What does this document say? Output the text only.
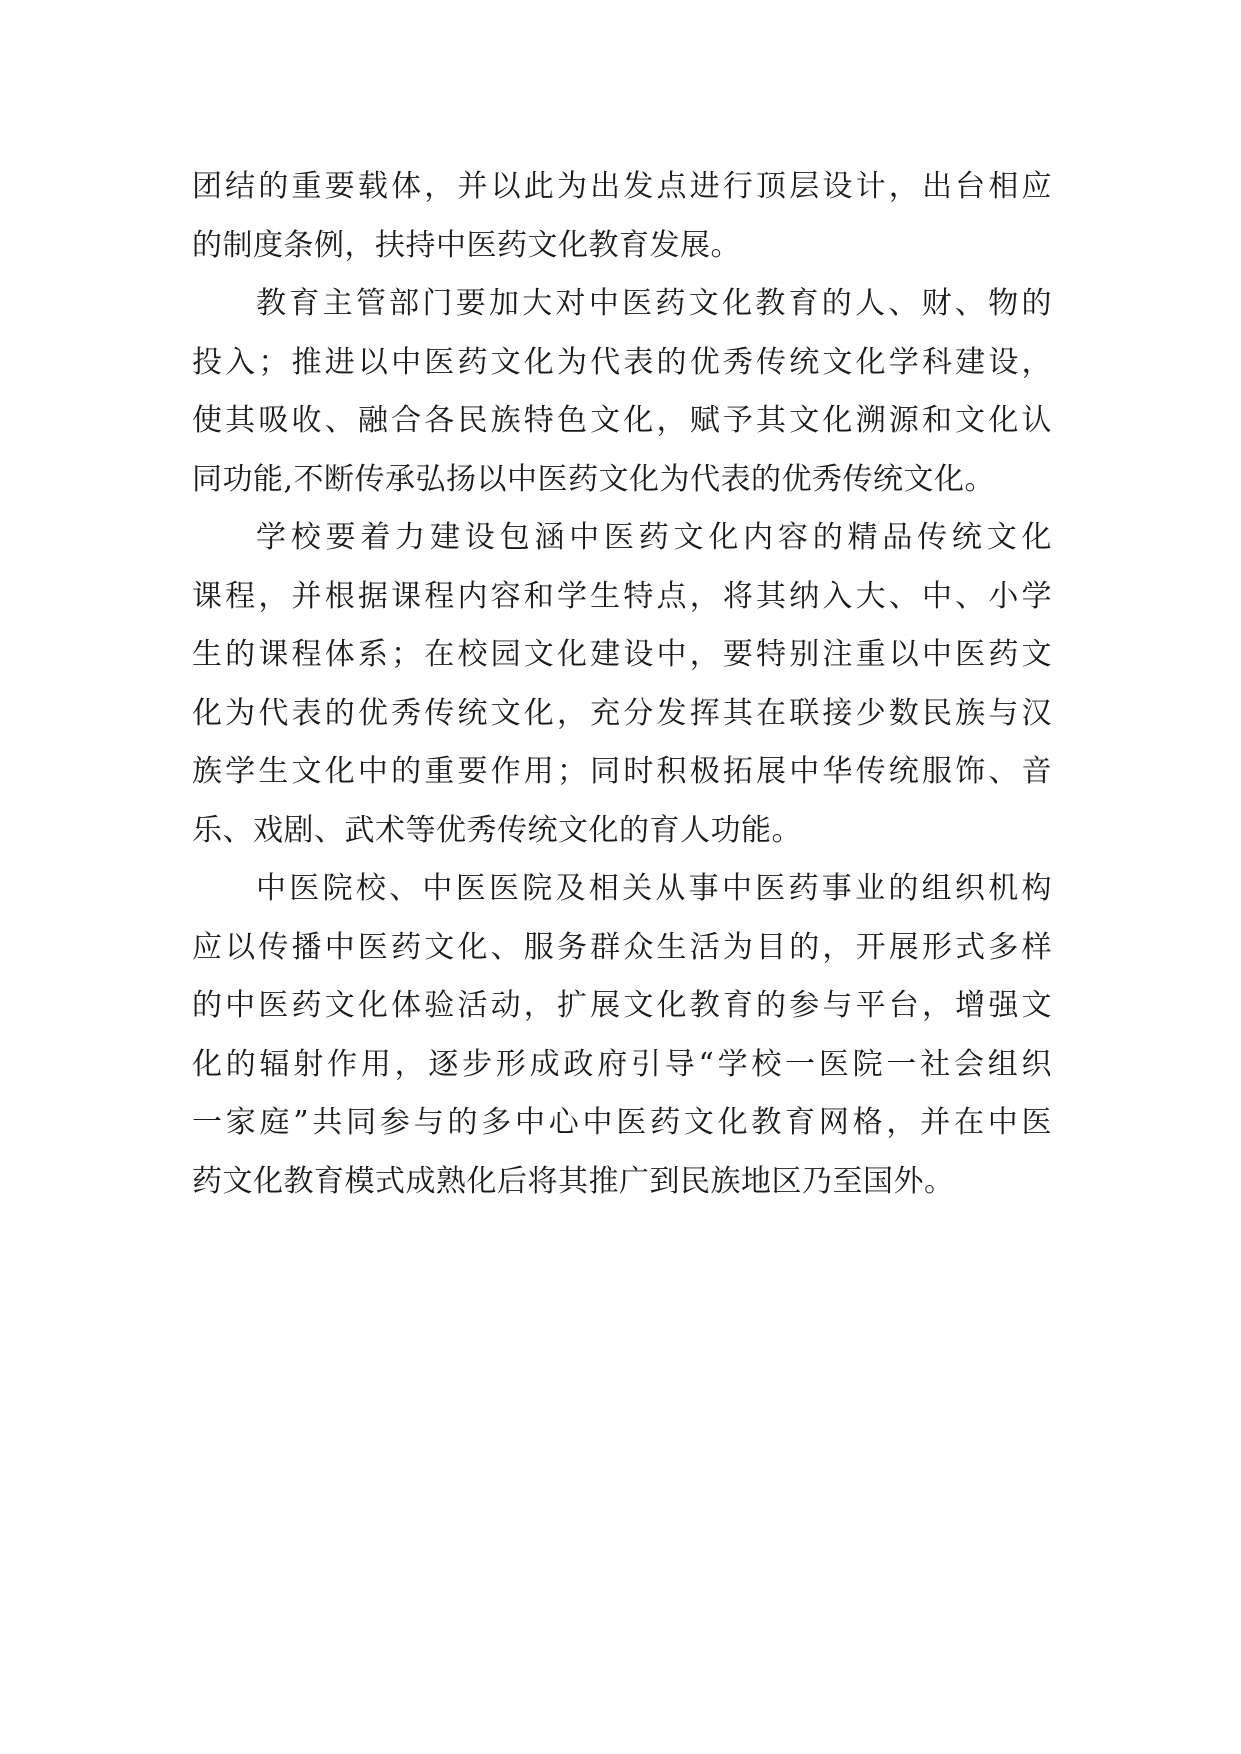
团结的重要载体，并以此为出发点进行顶层设计，出台相应
的制度条例，扶持中医药文化教育发展。
教育主管部门要加大对中医药文化教育的人、财、物的
投入；推进以中医药文化为代表的优秀传统文化学科建设，
使其吸收、融合各民族特色文化，赋予其文化溯源和文化认
同功能,不断传承弘扬以中医药文化为代表的优秀传统文化。
学校要着力建设包涵中医药文化内容的精品传统文化
课程，并根据课程内容和学生特点，将其纳入大、中、小学
生的课程体系；在校园文化建设中，要特别注重以中医药文
化为代表的优秀传统文化，充分发挥其在联接少数民族与汉
族学生文化中的重要作用；同时积极拓展中华传统服饰、音
乐、戏剧、武术等优秀传统文化的育人功能。
中医院校、中医医院及相关从事中医药事业的组织机构
应以传播中医药文化、服务群众生活为目的，开展形式多样
的中医药文化体验活动，扩展文化教育的参与平台，增强文
化的辐射作用，逐步形成政府引导“学校一医院一社会组织
一家庭”共同参与的多中心中医药文化教育网格，并在中医
药文化教育模式成熟化后将其推广到民族地区乃至国外。
